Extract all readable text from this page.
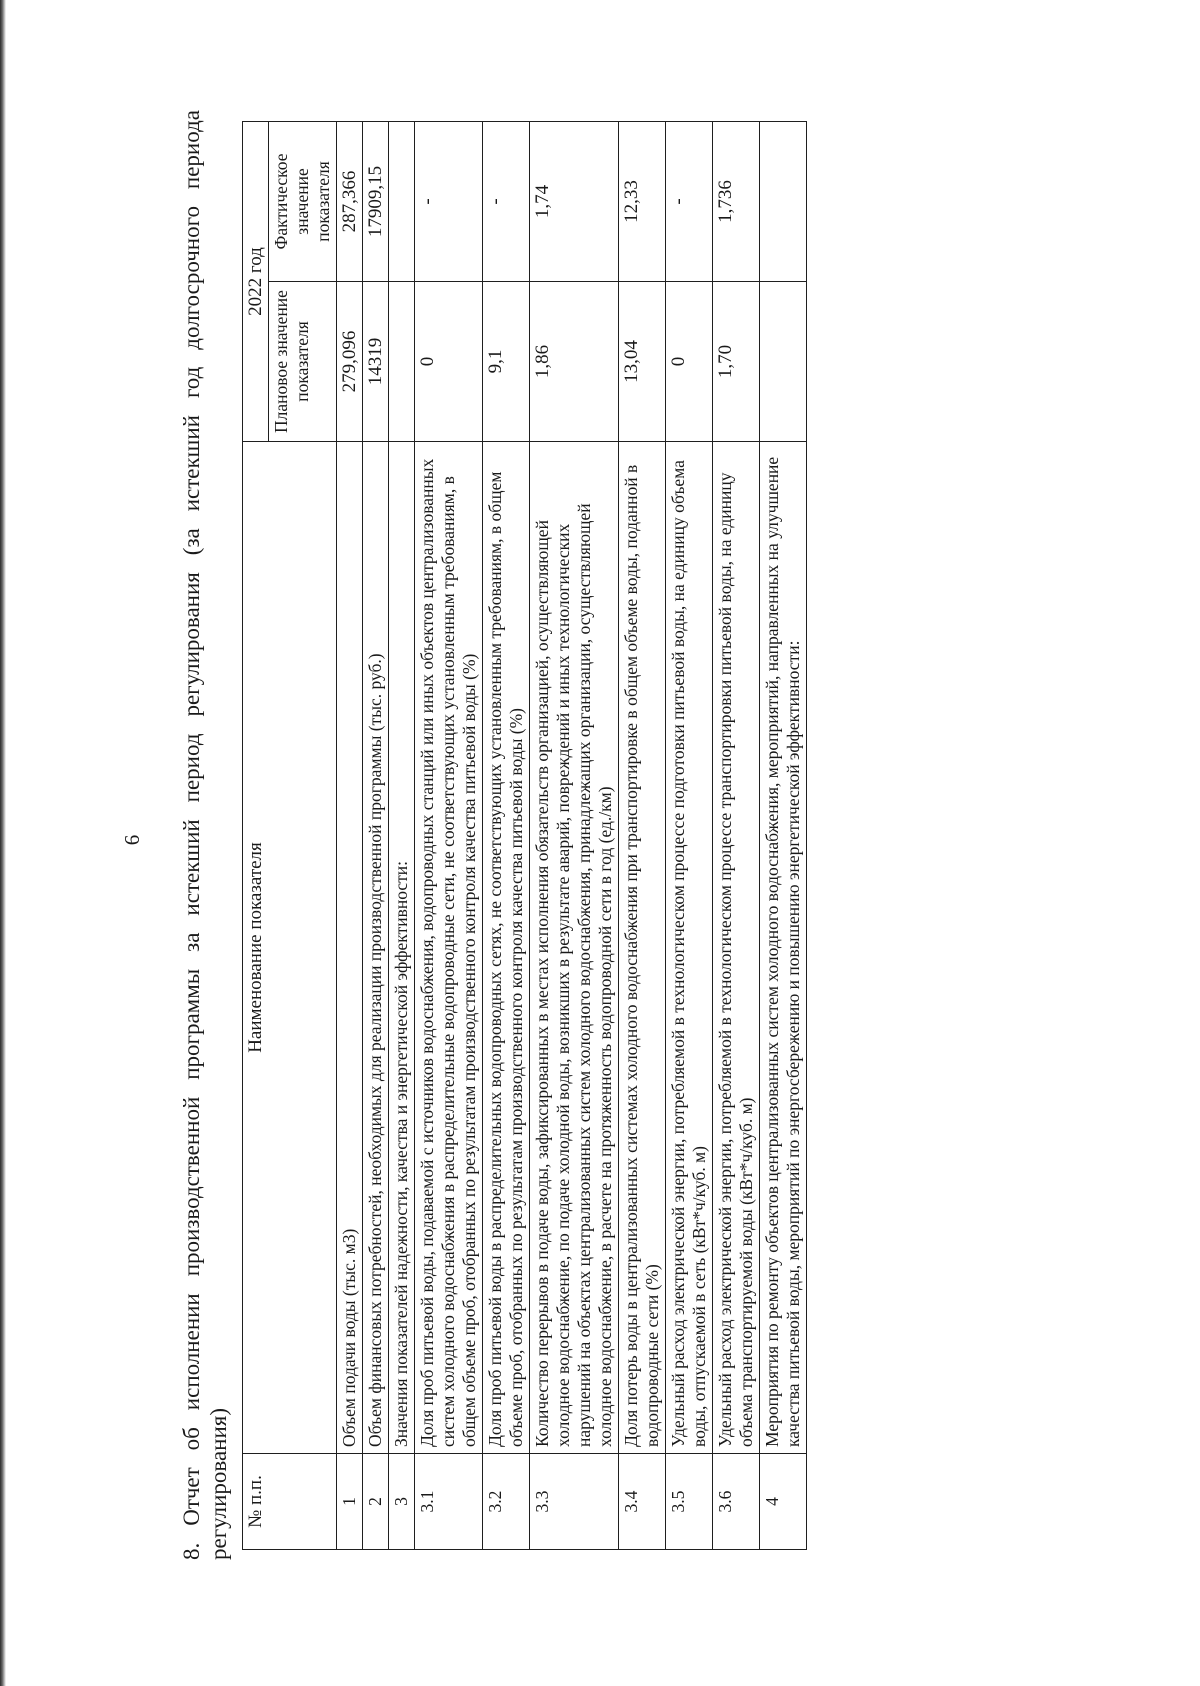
6 8. Отчет об исполнении производственной программы за истекший период регулирования (за истекший год долгосрочного периода регулирования) № п.п.	Наименование показателя	2022 год	
		Плановое значение показателя	Фактическое значение показателя
1	Объем подачи воды (тыс. м3)	279,096	287,366
2	Объем финансовых потребностей, необходимых для реализации производственной программы (тыс. руб.)	14319	17909,15
3	Значения показателей надежности, качества и энергетической эффективности:		
3.1	Доля проб питьевой воды, подаваемой с источников водоснабжения, водопроводных станций или иных объектов централизованных систем холодного водоснабжения в распределительные водопроводные сети, не соответствующих установленным требованиям, в общем объеме проб, отобранных по результатам производственного контроля качества питьевой воды (%)	0	-
3.2	Доля проб питьевой воды в распределительных водопроводных сетях, не соответствующих установленным требованиям, в общем объеме проб, отобранных по результатам производственного контроля качества питьевой воды (%)	9,1	-
3.3	Количество перерывов в подаче воды, зафиксированных в местах исполнения обязательств организацией, осуществляющей холодное водоснабжение, по подаче холодной воды, возникших в результате аварий, повреждений и иных технологических нарушений на объектах централизованных систем холодного водоснабжения, принадлежащих организации, осуществляющей холодное водоснабжение, в расчете на протяженность водопроводной сети в год (ед./км)	1,86	1,74
3.4	Доля потерь воды в централизованных системах холодного водоснабжения при транспортировке в общем объеме воды, поданной в водопроводные сети (%)	13,04	12,33
3.5	Удельный расход электрической энергии, потребляемой в технологическом процессе подготовки питьевой воды, на единицу объема воды, отпускаемой в сеть (кВт*ч/куб. м)	0	-
3.6	Удельный расход электрической энергии, потребляемой в технологическом процессе транспортировки питьевой воды, на единицу объема транспортируемой воды (кВт*ч/куб. м)	1,70	1,736
4	Мероприятия по ремонту объектов централизованных систем холодного водоснабжения, мероприятий, направленных на улучшение качества питьевой воды, мероприятий по энергосбережению и повышению энергетической эффективности:		
